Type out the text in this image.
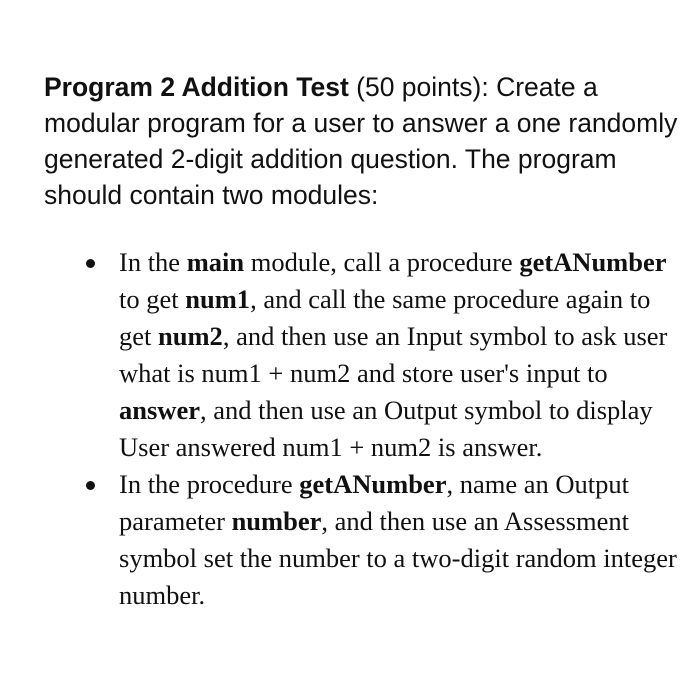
Program 2 Addition Test (50 points): Create a modular program for a user to answer a one randomly generated 2-digit addition question. The program should contain two modules:

In the main module, call a procedure getANumber to get num1, and call the same procedure again to get num2, and then use an Input symbol to ask user what is num1 + num2 and store user's input to answer, and then use an Output symbol to display User answered num1 + num2 is answer.
In the procedure getANumber, name an Output parameter number, and then use an Assessment symbol set the number to a two-digit random integer number.
